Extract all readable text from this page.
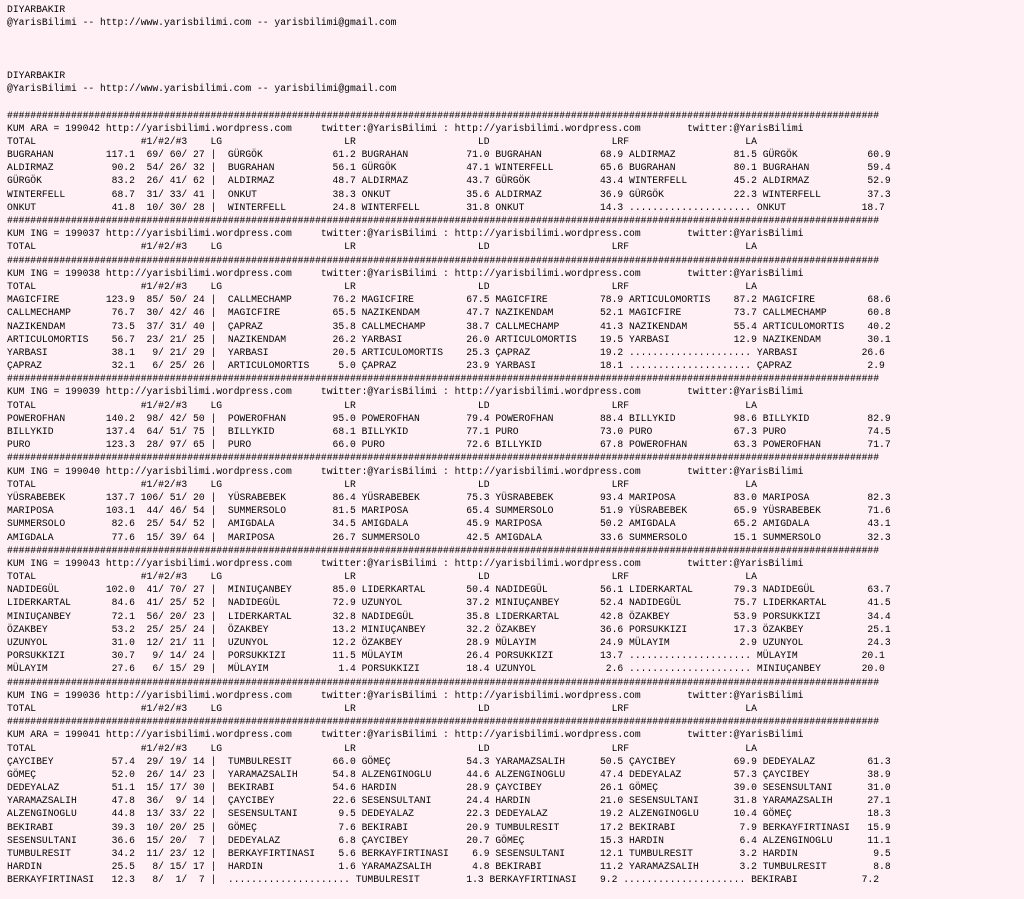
DIYARBAKIR
@YarisBilimi -- http://www.yarisbilimi.com -- yarisbilimi@gmail.com
DIYARBAKIR
@YarisBilimi -- http://www.yarisbilimi.com -- yarisbilimi@gmail.com
######################################################################################################################################################
KUM ARA = 199042 http://yarisbilimi.wordpress.com     twitter:@YarisBilimi : http://yarisbilimi.wordpress.com        twitter:@YarisBilimi
TOTAL                  #1/#2/#3    LG                     LR                     LD                     LRF                    LA
BUGRAHAN         117.1  69/ 60/ 27 |  GÜRGÖK            61.2 BUGRAHAN          71.0 BUGRAHAN          68.9 ALDIRMAZ          81.5 GÜRGÖK            60.9
ALDIRMAZ          90.2  54/ 26/ 32 |  BUGRAHAN          56.1 GÜRGÖK            47.1 WINTERFELL        65.6 BUGRAHAN          80.1 BUGRAHAN          59.4
GÜRGÖK            83.2  26/ 41/ 62 |  ALDIRMAZ          48.7 ALDIRMAZ          43.7 GÜRGÖK            43.4 WINTERFELL        45.2 ALDIRMAZ          52.9
WINTERFELL        68.7  31/ 33/ 41 |  ONKUT             38.3 ONKUT             35.6 ALDIRMAZ          36.9 GÜRGÖK            22.3 WINTERFELL        37.3
ONKUT             41.8  10/ 30/ 28 |  WINTERFELL        24.8 WINTERFELL        31.8 ONKUT             14.3 ..................... ONKUT             18.7
######################################################################################################################################################
KUM ING = 199037 http://yarisbilimi.wordpress.com     twitter:@YarisBilimi : http://yarisbilimi.wordpress.com        twitter:@YarisBilimi
TOTAL                  #1/#2/#3    LG                     LR                     LD                     LRF                    LA
######################################################################################################################################################
KUM ING = 199038 http://yarisbilimi.wordpress.com     twitter:@YarisBilimi : http://yarisbilimi.wordpress.com        twitter:@YarisBilimi
TOTAL                  #1/#2/#3    LG                     LR                     LD                     LRF                    LA
MAGICFIRE        123.9  85/ 50/ 24 |  CALLMECHAMP       76.2 MAGICFIRE         67.5 MAGICFIRE         78.9 ARTICULOMORTIS    87.2 MAGICFIRE         68.6
CALLMECHAMP       76.7  30/ 42/ 46 |  MAGICFIRE         65.5 NAZIKENDAM        47.7 NAZIKENDAM        52.1 MAGICFIRE         73.7 CALLMECHAMP       60.8
NAZIKENDAM        73.5  37/ 31/ 40 |  ÇAPRAZ            35.8 CALLMECHAMP       38.7 CALLMECHAMP       41.3 NAZIKENDAM        55.4 ARTICULOMORTIS    40.2
ARTICULOMORTIS    56.7  23/ 21/ 25 |  NAZIKENDAM        26.2 YARBASI           26.0 ARTICULOMORTIS    19.5 YARBASI           12.9 NAZIKENDAM        30.1
YARBASI           38.1   9/ 21/ 29 |  YARBASI           20.5 ARTICULOMORTIS    25.3 ÇAPRAZ            19.2 ..................... YARBASI           26.6
ÇAPRAZ            32.1   6/ 25/ 26 |  ARTICULOMORTIS     5.0 ÇAPRAZ            23.9 YARBASI           18.1 ..................... ÇAPRAZ             2.9
######################################################################################################################################################
KUM ING = 199039 http://yarisbilimi.wordpress.com     twitter:@YarisBilimi : http://yarisbilimi.wordpress.com        twitter:@YarisBilimi
TOTAL                  #1/#2/#3    LG                     LR                     LD                     LRF                    LA
POWEROFHAN       140.2  98/ 42/ 50 |  POWEROFHAN        95.0 POWEROFHAN        79.4 POWEROFHAN        88.4 BILLYKID          98.6 BILLYKID          82.9
BILLYKID         137.4  64/ 51/ 75 |  BILLYKID          68.1 BILLYKID          77.1 PURO              73.0 PURO              67.3 PURO              74.5
PURO             123.3  28/ 97/ 65 |  PURO              66.0 PURO              72.6 BILLYKID          67.8 POWEROFHAN        63.3 POWEROFHAN        71.7
######################################################################################################################################################
KUM ING = 199040 http://yarisbilimi.wordpress.com     twitter:@YarisBilimi : http://yarisbilimi.wordpress.com        twitter:@YarisBilimi
TOTAL                  #1/#2/#3    LG                     LR                     LD                     LRF                    LA
YÜSRABEBEK       137.7 106/ 51/ 20 |  YÜSRABEBEK        86.4 YÜSRABEBEK        75.3 YÜSRABEBEK        93.4 MARIPOSA          83.0 MARIPOSA          82.3
MARIPOSA         103.1  44/ 46/ 54 |  SUMMERSOLO        81.5 MARIPOSA          65.4 SUMMERSOLO        51.9 YÜSRABEBEK        65.9 YÜSRABEBEK        71.6
SUMMERSOLO        82.6  25/ 54/ 52 |  AMIGDALA          34.5 AMIGDALA          45.9 MARIPOSA          50.2 AMIGDALA          65.2 AMIGDALA          43.1
AMIGDALA          77.6  15/ 39/ 64 |  MARIPOSA          26.7 SUMMERSOLO        42.5 AMIGDALA          33.6 SUMMERSOLO        15.1 SUMMERSOLO        32.3
######################################################################################################################################################
KUM ING = 199043 http://yarisbilimi.wordpress.com     twitter:@YarisBilimi : http://yarisbilimi.wordpress.com        twitter:@YarisBilimi
TOTAL                  #1/#2/#3    LG                     LR                     LD                     LRF                    LA
NADIDEGÜL        102.0  41/ 70/ 27 |  MINIUÇANBEY       85.0 LIDERKARTAL       50.4 NADIDEGÜL         56.1 LIDERKARTAL       79.3 NADIDEGÜL         63.7
LIDERKARTAL       84.6  41/ 25/ 52 |  NADIDEGÜL         72.9 UZUNYOL           37.2 MINIUÇANBEY       52.4 NADIDEGÜL         75.7 LIDERKARTAL       41.5
MINIUÇANBEY       72.1  56/ 20/ 23 |  LIDERKARTAL       32.8 NADIDEGÜL         35.8 LIDERKARTAL       42.8 ÖZAKBEY           53.9 PORSUKKIZI        34.4
ÖZAKBEY           53.2  25/ 25/ 24 |  ÖZAKBEY           13.2 MINIUÇANBEY       32.2 ÖZAKBEY           36.6 PORSUKKIZI        17.3 ÖZAKBEY           25.1
UZUNYOL           31.0  12/ 21/ 11 |  UZUNYOL           12.2 ÖZAKBEY           28.9 MÜLAYIM           24.9 MÜLAYIM            2.9 UZUNYOL           24.3
PORSUKKIZI        30.7   9/ 14/ 24 |  PORSUKKIZI        11.5 MÜLAYIM           26.4 PORSUKKIZI        13.7 ..................... MÜLAYIM           20.1
MÜLAYIM           27.6   6/ 15/ 29 |  MÜLAYIM            1.4 PORSUKKIZI        18.4 UZUNYOL            2.6 ..................... MINIUÇANBEY       20.0
######################################################################################################################################################
KUM ING = 199036 http://yarisbilimi.wordpress.com     twitter:@YarisBilimi : http://yarisbilimi.wordpress.com        twitter:@YarisBilimi
TOTAL                  #1/#2/#3    LG                     LR                     LD                     LRF                    LA
######################################################################################################################################################
KUM ARA = 199041 http://yarisbilimi.wordpress.com     twitter:@YarisBilimi : http://yarisbilimi.wordpress.com        twitter:@YarisBilimi
TOTAL                  #1/#2/#3    LG                     LR                     LD                     LRF                    LA
ÇAYCIBEY          57.4  29/ 19/ 14 |  TUMBULRESIT       66.0 GÖMEÇ             54.3 YARAMAZSALIH      50.5 ÇAYCIBEY          69.9 DEDEYALAZ         61.3
GÖMEÇ             52.0  26/ 14/ 23 |  YARAMAZSALIH      54.8 ALZENGINOGLU      44.6 ALZENGINOGLU      47.4 DEDEYALAZ         57.3 ÇAYCIBEY          38.9
DEDEYALAZ         51.1  15/ 17/ 30 |  BEKIRABI          54.6 HARDIN            28.9 ÇAYCIBEY          26.1 GÖMEÇ             39.0 SESENSULTANI      31.0
YARAMAZSALIH      47.8  36/  9/ 14 |  ÇAYCIBEY          22.6 SESENSULTANI      24.4 HARDIN            21.0 SESENSULTANI      31.8 YARAMAZSALIH      27.1
ALZENGINOGLU      44.8  13/ 33/ 22 |  SESENSULTANI       9.5 DEDEYALAZ         22.3 DEDEYALAZ         19.2 ALZENGINOGLU      10.4 GÖMEÇ             18.3
BEKIRABI          39.3  10/ 20/ 25 |  GÖMEÇ              7.6 BEKIRABI          20.9 TUMBULRESIT       17.2 BEKIRABI           7.9 BERKAYFIRTINASI   15.9
SESENSULTANI      36.6  15/ 20/  7 |  DEDEYALAZ          6.8 ÇAYCIBEY          20.7 GÖMEÇ             15.3 HARDIN             6.4 ALZENGINOGLU      11.1
TUMBULRESIT       34.2  11/ 23/ 12 |  BERKAYFIRTINASI    5.6 BERKAYFIRTINASI    6.9 SESENSULTANI      12.1 TUMBULRESIT        3.2 HARDIN             9.5
HARDIN            25.5   8/ 15/ 17 |  HARDIN             1.6 YARAMAZSALIH       4.8 BEKIRABI          11.2 YARAMAZSALIH       3.2 TUMBULRESIT        8.8
BERKAYFIRTINASI   12.3   8/  1/  7 |  ..................... TUMBULRESIT        1.3 BERKAYFIRTINASI    9.2 ..................... BEKIRABI           7.2
